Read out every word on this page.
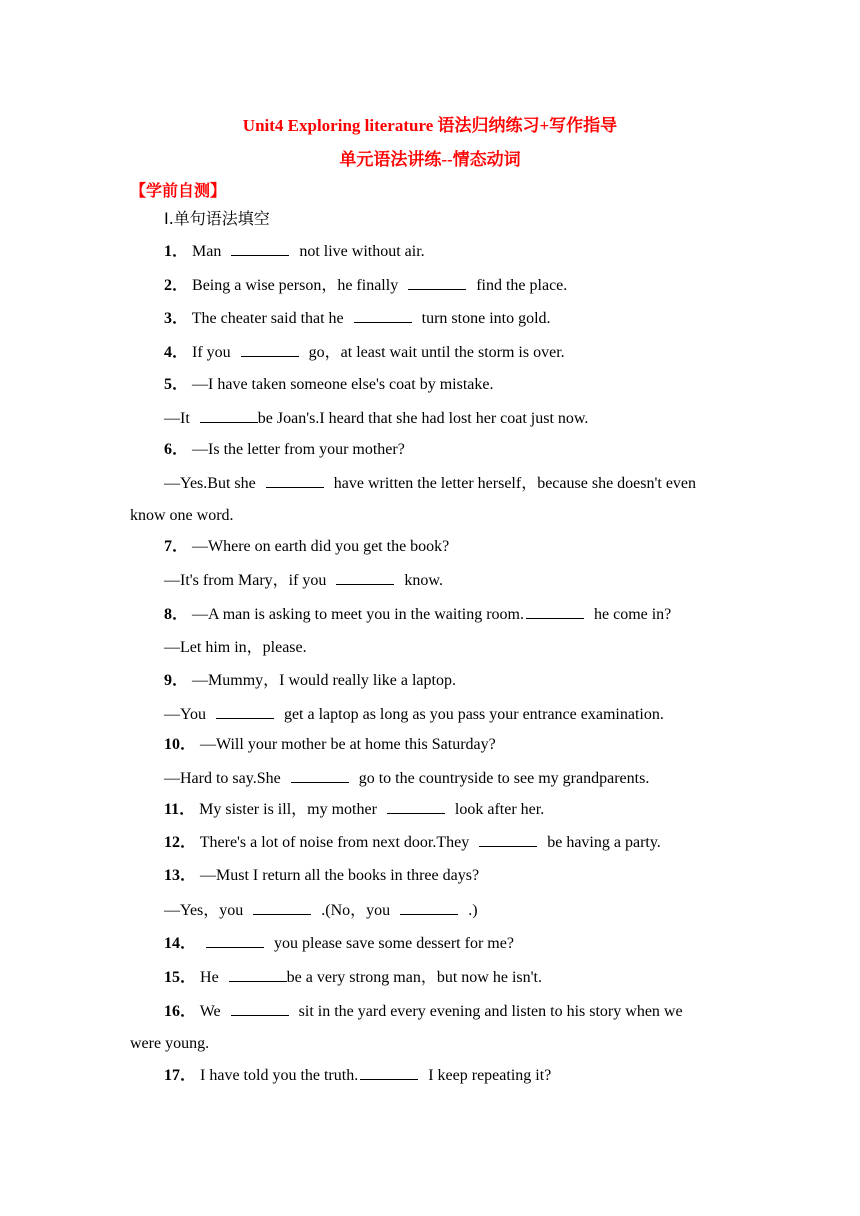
Unit4 Exploring literature 语法归纳练习+写作指导
单元语法讲练--情态动词
【学前自测】
I.单句语法填空
1． Man	not live without air.
2． Being a wise person，he finally	find the place.
3． The cheater said that he	turn stone into gold.
4． If you	go，at least wait until the storm is over.
5． —I have taken someone else's coat by mistake.
—It	be Joan's.I heard that she had lost her coat just now.
6． —Is the letter from your mother?
—Yes.But she	have written the letter herself，because she doesn't even
know one word.
7． —Where on earth did you get the book?
—It's from Mary，if you	know.
8． —A man is asking to meet you in the waiting room.	he come in?
—Let him in，please.
9． —Mummy，I would really like a laptop.
—You	get a laptop as long as you pass your entrance examination.
10． —Will your mother be at home this Saturday?
—Hard to say.She	go to the countryside to see my grandparents.
11． My sister is ill，my mother	look after her.
12． There's a lot of noise from next door.They	be having a party.
13． —Must I return all the books in three days?
—Yes，you	.(No，you	.)
14．	you please save some dessert for me?
15． He	be a very strong man，but now he isn't.
16． We	sit in the yard every evening and listen to his story when we
were young.
17． I have told you the truth.	I keep repeating it?
